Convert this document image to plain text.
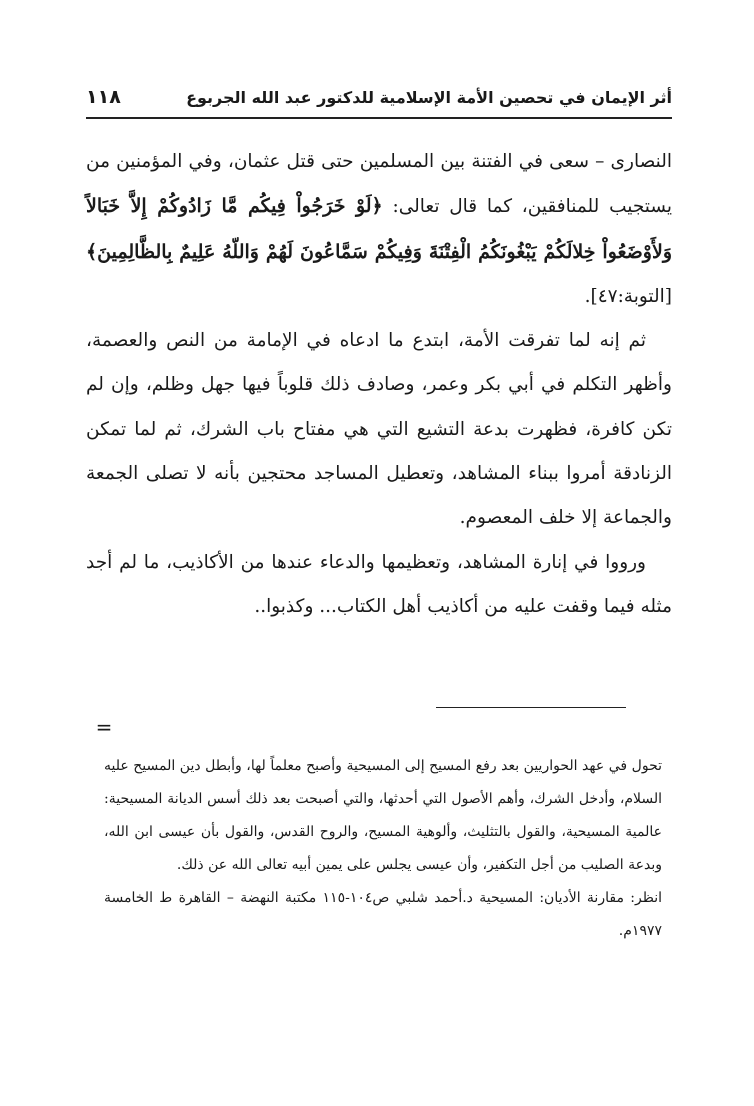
أثر الإيمان في تحصين الأمة الإسلامية للدكتور عبد الله الجربوع
١١٨

النصارى – سعى في الفتنة بين المسلمين حتى قتل عثمان، وفي المؤمنين من يستجيب للمنافقين، كما قال تعالى: ﴿لَوْ خَرَجُواْ فِيكُم مَّا زَادُوكُمْ إِلاَّ خَبَالاً وَلأَوْضَعُواْ خِلالَكُمْ يَبْغُونَكُمُ الْفِتْنَةَ وَفِيكُمْ سَمَّاعُونَ لَهُمْ وَاللّهُ عَلِيمٌ بِالظَّالِمِينَ﴾ [التوبة:٤٧].

ثم إنه لما تفرقت الأمة، ابتدع ما ادعاه في الإمامة من النص والعصمة، وأظهر التكلم في أبي بكر وعمر، وصادف ذلك قلوباً فيها جهل وظلم، وإن لم تكن كافرة، فظهرت بدعة التشيع التي هي مفتاح باب الشرك، ثم لما تمكن الزنادقة أمروا ببناء المشاهد، وتعطيل المساجد محتجين بأنه لا تصلى الجمعة والجماعة إلا خلف المعصوم.

ورووا في إنارة المشاهد، وتعظيمها والدعاء عندها من الأكاذيب، ما لم أجد مثله فيما وقفت عليه من أكاذيب أهل الكتاب... وكذبوا..

=

تحول في عهد الحواريين بعد رفع المسيح إلى المسيحية وأصبح معلماً لها، وأبطل دين المسيح عليه السلام، وأدخل الشرك، وأهم الأصول التي أحدثها، والتي أصبحت بعد ذلك أسس الديانة المسيحية: عالمية المسيحية، والقول بالتثليث، وألوهية المسيح، والروح القدس، والقول بأن عيسى ابن الله، وبدعة الصليب من أجل التكفير، وأن عيسى يجلس على يمين أبيه تعالى الله عن ذلك.

انظر: مقارنة الأديان: المسيحية د.أحمد شلبي ص١٠٤-١١٥ مكتبة النهضة – القاهرة ط الخامسة ١٩٧٧م.
